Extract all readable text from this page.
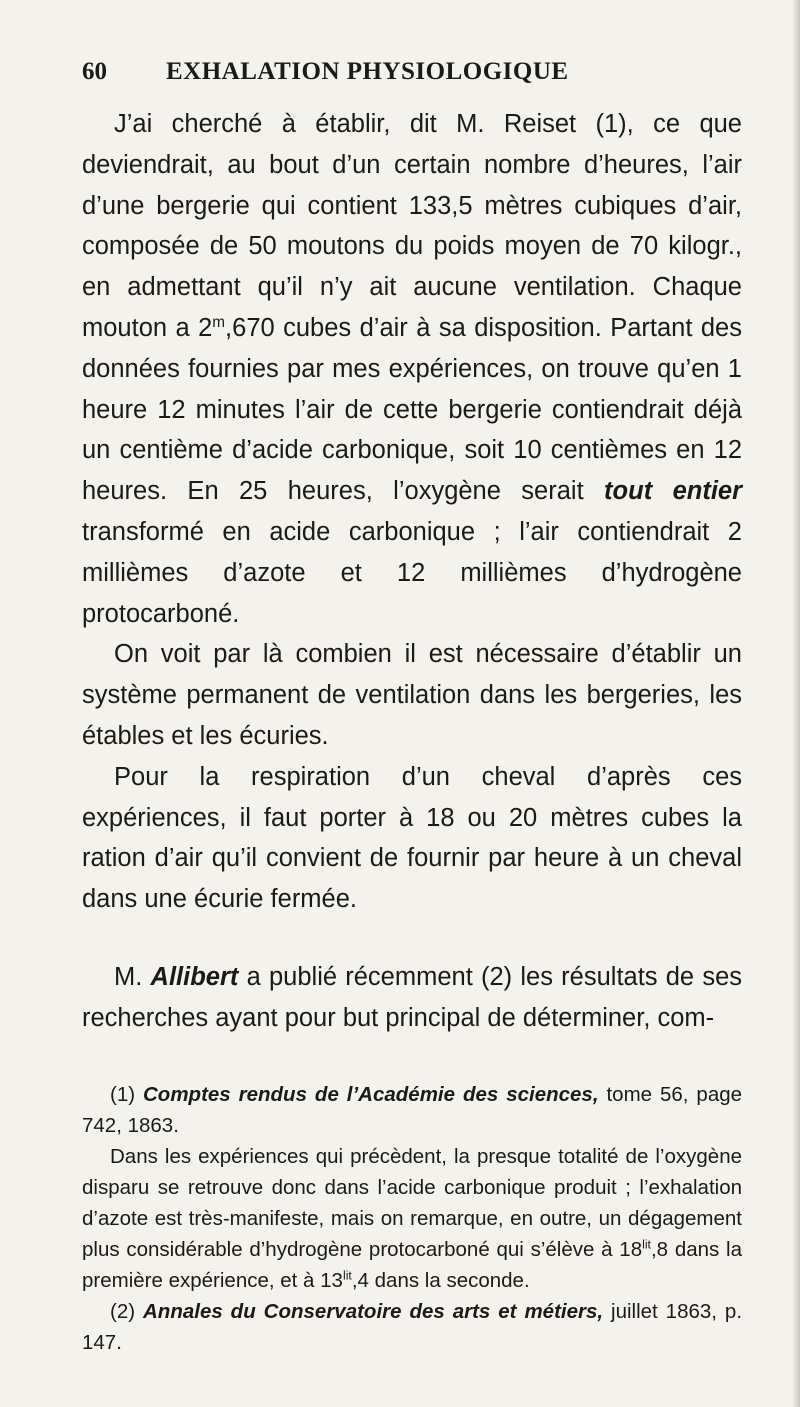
60	EXHALATION PHYSIOLOGIQUE

J’ai cherché à établir, dit M. Reiset (1), ce que deviendrait, au bout d’un certain nombre d’heures, l’air d’une bergerie qui contient 133,5 mètres cubiques d’air, composée de 50 moutons du poids moyen de 70 kilogr., en admettant qu’il n’y ait aucune ventilation. Chaque mouton a 2$^m$,670 cubes d’air à sa disposition. Partant des données fournies par mes expériences, on trouve qu’en 1 heure 12 minutes l’air de cette bergerie contiendrait déjà un centième d’acide carbonique, soit 10 centièmes en 12 heures. En 25 heures, l’oxygène serait tout entier transformé en acide carbonique ; l’air contiendrait 2 millièmes d’azote et 12 millièmes d’hydrogène protocarboné.

On voit par là combien il est nécessaire d’établir un système permanent de ventilation dans les bergeries, les étables et les écuries.

Pour la respiration d’un cheval d’après ces expériences, il faut porter à 18 ou 20 mètres cubes la ration d’air qu’il convient de fournir par heure à un cheval dans une écurie fermée.

M. Allibert a publié récemment (2) les résultats de ses recherches ayant pour but principal de déterminer, com-

(1) Comptes rendus de l’Académie des sciences, tome 56, page 742, 1863.

Dans les expériences qui précèdent, la presque totalité de l’oxygène disparu se retrouve donc dans l’acide carbonique produit ; l’exhalation d’azote est très-manifeste, mais on remarque, en outre, un dégagement plus considérable d’hydrogène protocarboné qui s’élève à $18^{lit},8$ dans la première expérience, et à $13^{lit},4$ dans la seconde.

(2) Annales du Conservatoire des arts et métiers, juillet 1863, p. 147.
